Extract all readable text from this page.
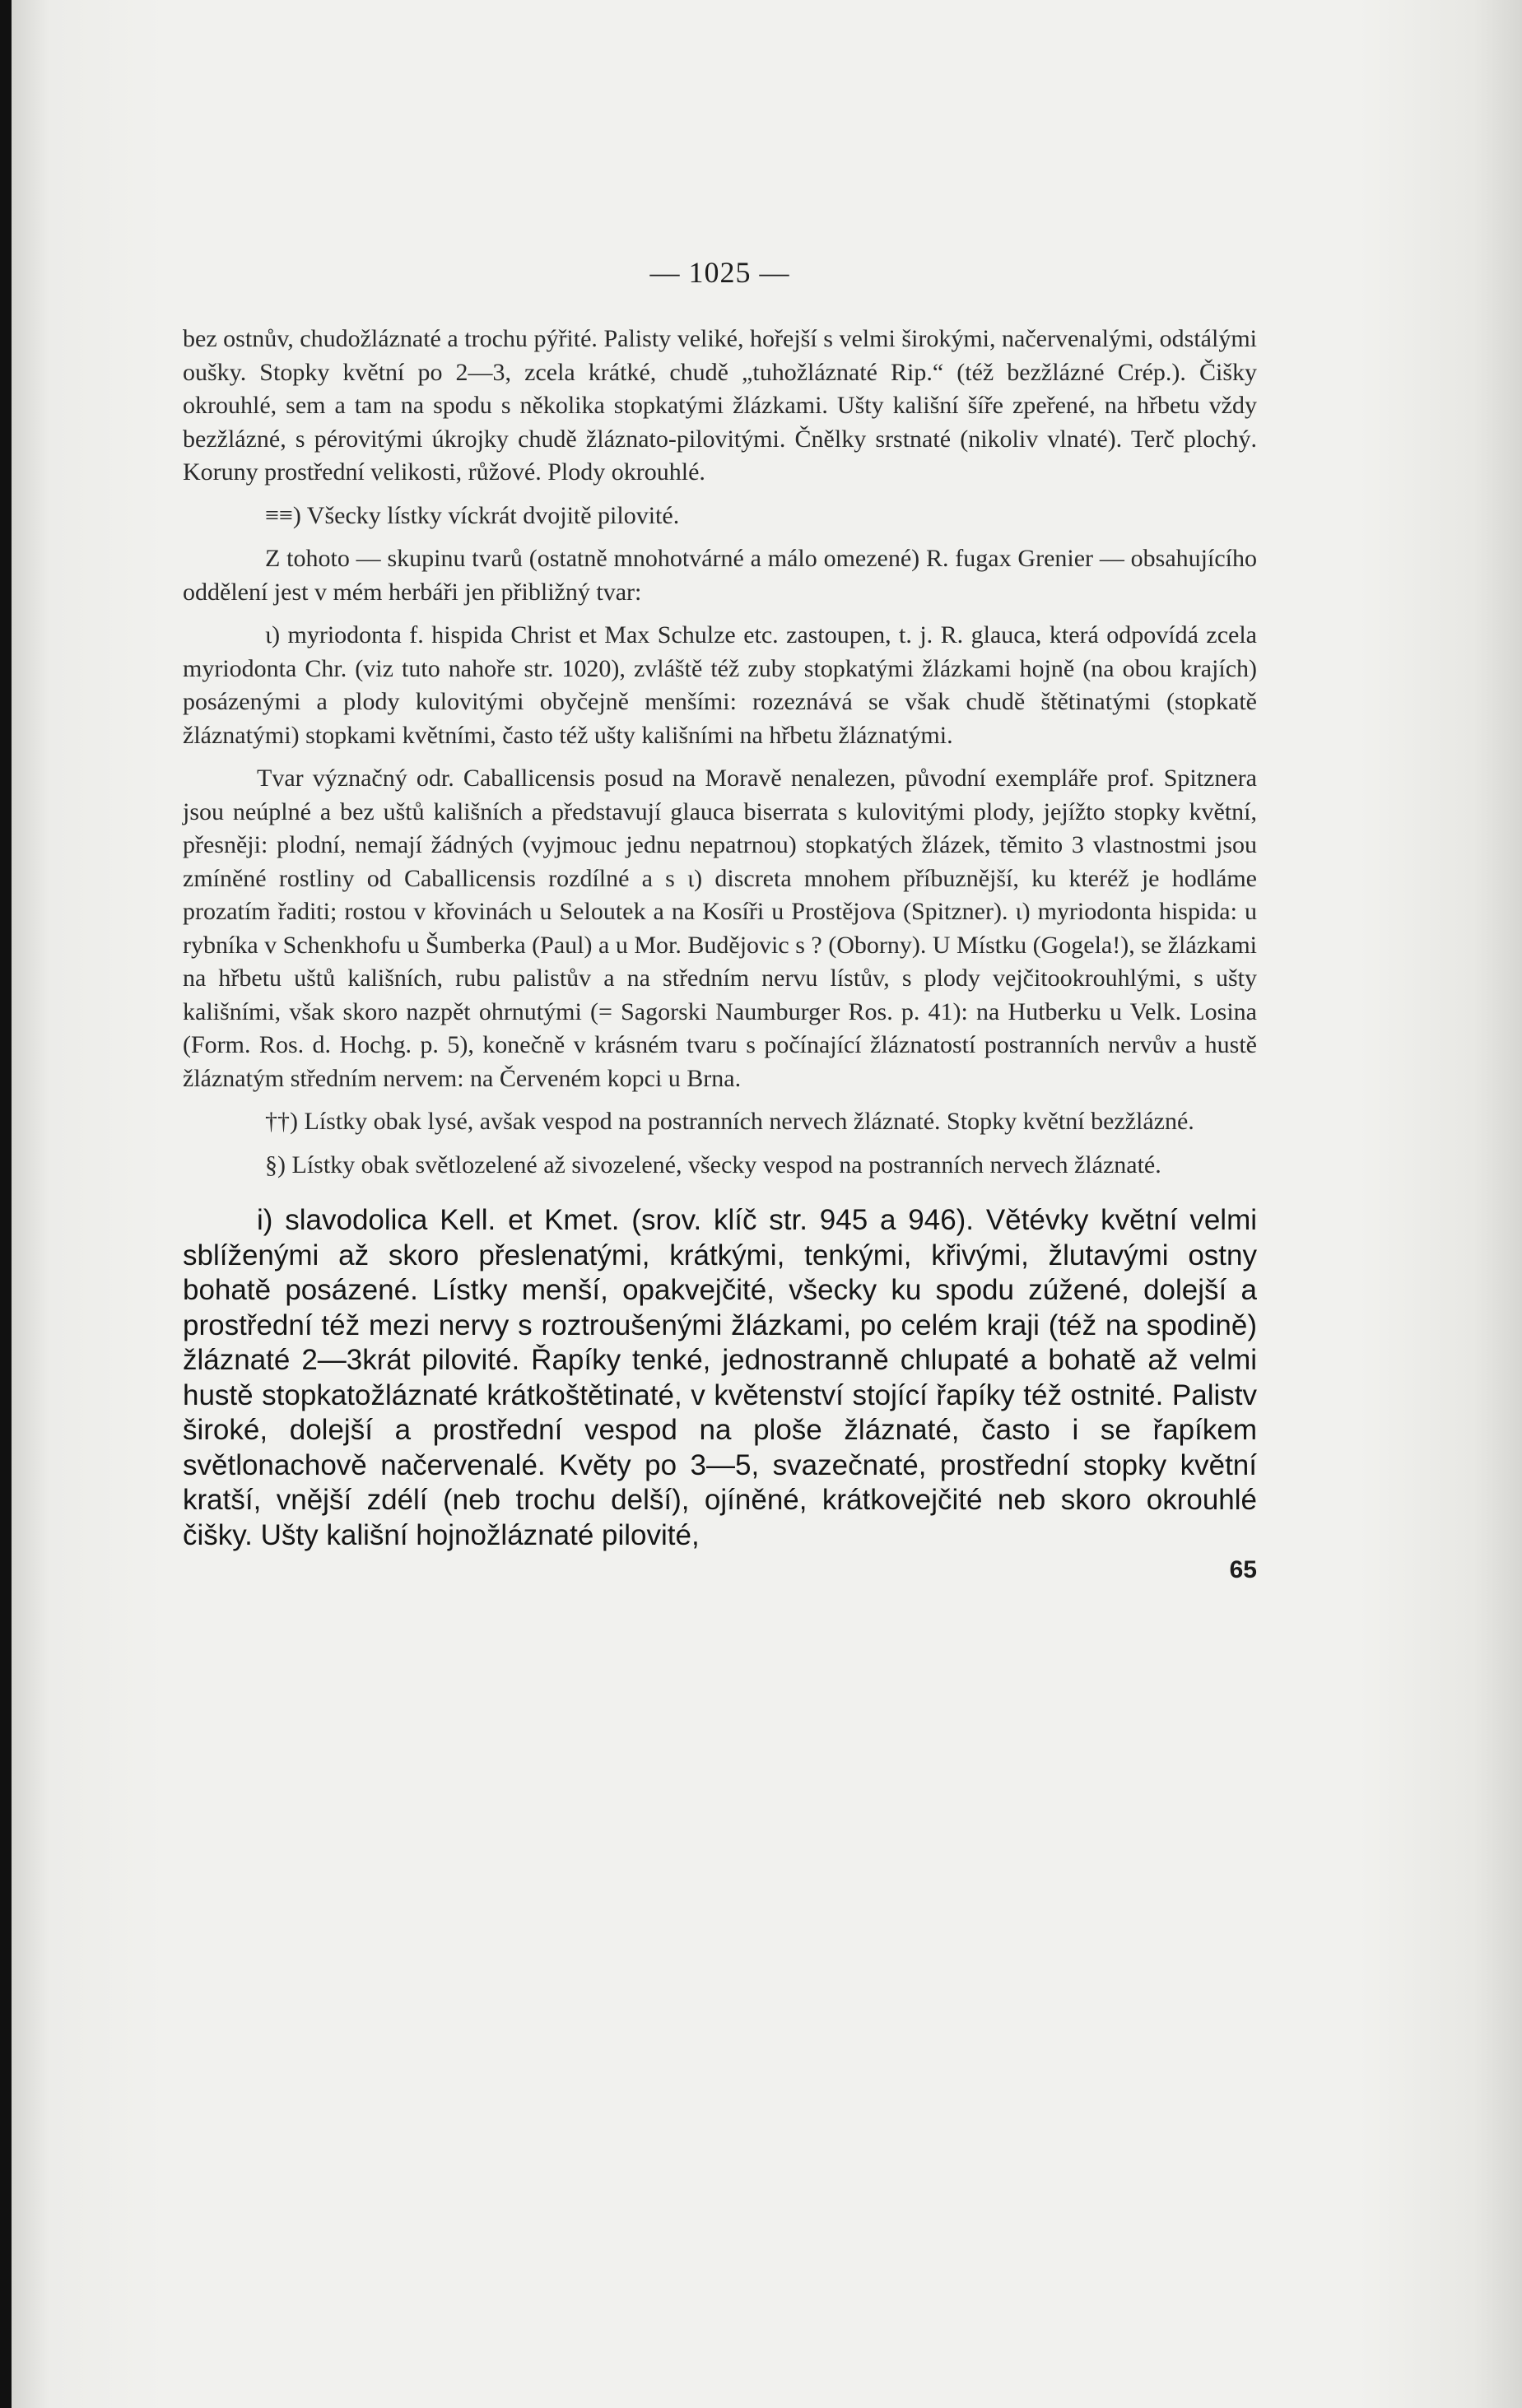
— 1025 —

bez ostnův, chudožláznaté a trochu pýřité. Palisty veliké, hořejší s velmi širokými, načervenalými, odstálými oušky. Stopky květní po 2—3, zcela krátké, chudě „tuhožláznaté Rip.“ (též bezžlázné Crép.). Čišky okrouhlé, sem a tam na spodu s několika stopkatými žlázkami. Ušty kališní šíře zpeřené, na hřbetu vždy bezžlázné, s pérovitými úkrojky chudě žláznato-pilovitými. Čnělky srstnaté (nikoliv vlnaté). Terč plochý. Koruny prostřední velikosti, růžové. Plody okrouhlé.

≡≡) Všecky lístky víckrát dvojitě pilovité.

Z tohoto — skupinu tvarů (ostatně mnohotvárné a málo omezené) R. fugax Grenier — obsahujícího oddělení jest v mém herbáři jen přibližný tvar:

ι) myriodonta f. hispida Christ et Max Schulze etc. zastoupen, t. j. R. glauca, která odpovídá zcela myriodonta Chr. (viz tuto nahoře str. 1020), zvláště též zuby stopkatými žlázkami hojně (na obou krajích) posázenými a plody kulovitými obyčejně menšími: rozeznává se však chudě štětinatými (stopkatě žláznatými) stopkami květními, často též ušty kališními na hřbetu žláznatými.

Tvar význačný odr. Caballicensis posud na Moravě nenalezen, původní exempláře prof. Spitznera jsou neúplné a bez uštů kališních a představují glauca biserrata s kulovitými plody, jejížto stopky květní, přesněji: plodní, nemají žádných (vyjmouc jednu nepatrnou) stopkatých žlázek, těmito 3 vlastnostmi jsou zmíněné rostliny od Caballicensis rozdílné a s ι) discreta mnohem příbuznější, ku kteréž je hodláme prozatím řaditi; rostou v křovinách u Seloutek a na Kosíři u Prostějova (Spitzner). ι) myriodonta hispida: u rybníka v Schenkhofu u Šumberka (Paul) a u Mor. Budějovic s ? (Oborny). U Místku (Gogela!), se žlázkami na hřbetu uštů kališních, rubu palistův a na středním nervu lístův, s plody vejčitookrouhlými, s ušty kališními, však skoro nazpět ohrnutými (= Sagorski Naumburger Ros. p. 41): na Hutberku u Velk. Losina (Form. Ros. d. Hochg. p. 5), konečně v krásném tvaru s počínající žláznatostí postranních nervův a hustě žláznatým středním nervem: na Červeném kopci u Brna.

††) Lístky obak lysé, avšak vespod na postranních nervech žláznaté. Stopky květní bezžlázné.

§) Lístky obak světlozelené až sivozelené, všecky vespod na postranních nervech žláznaté.

i) slavodolica Kell. et Kmet. (srov. klíč str. 945 a 946). Větévky květní velmi sblíženými až skoro přeslenatými, krátkými, tenkými, křivými, žlutavými ostny bohatě posázené. Lístky menší, opakvejčité, všecky ku spodu zúžené, dolejší a prostřední též mezi nervy s roztroušenými žlázkami, po celém kraji (též na spodině) žláznaté 2—3krát pilovité. Řapíky tenké, jednostranně chlupaté a bohatě až velmi hustě stopkatožláznaté krátkoštětinaté, v květenství stojící řapíky též ostnité. Palistv široké, dolejší a prostřední vespod na ploše žláznaté, často i se řapíkem světlonachově načervenalé. Květy po 3—5, svazečnaté, prostřední stopky květní kratší, vnější zdélí (neb trochu delší), ojíněné, krátkovejčité neb skoro okrouhlé čišky. Ušty kališní hojnožláznaté pilovité,

65
